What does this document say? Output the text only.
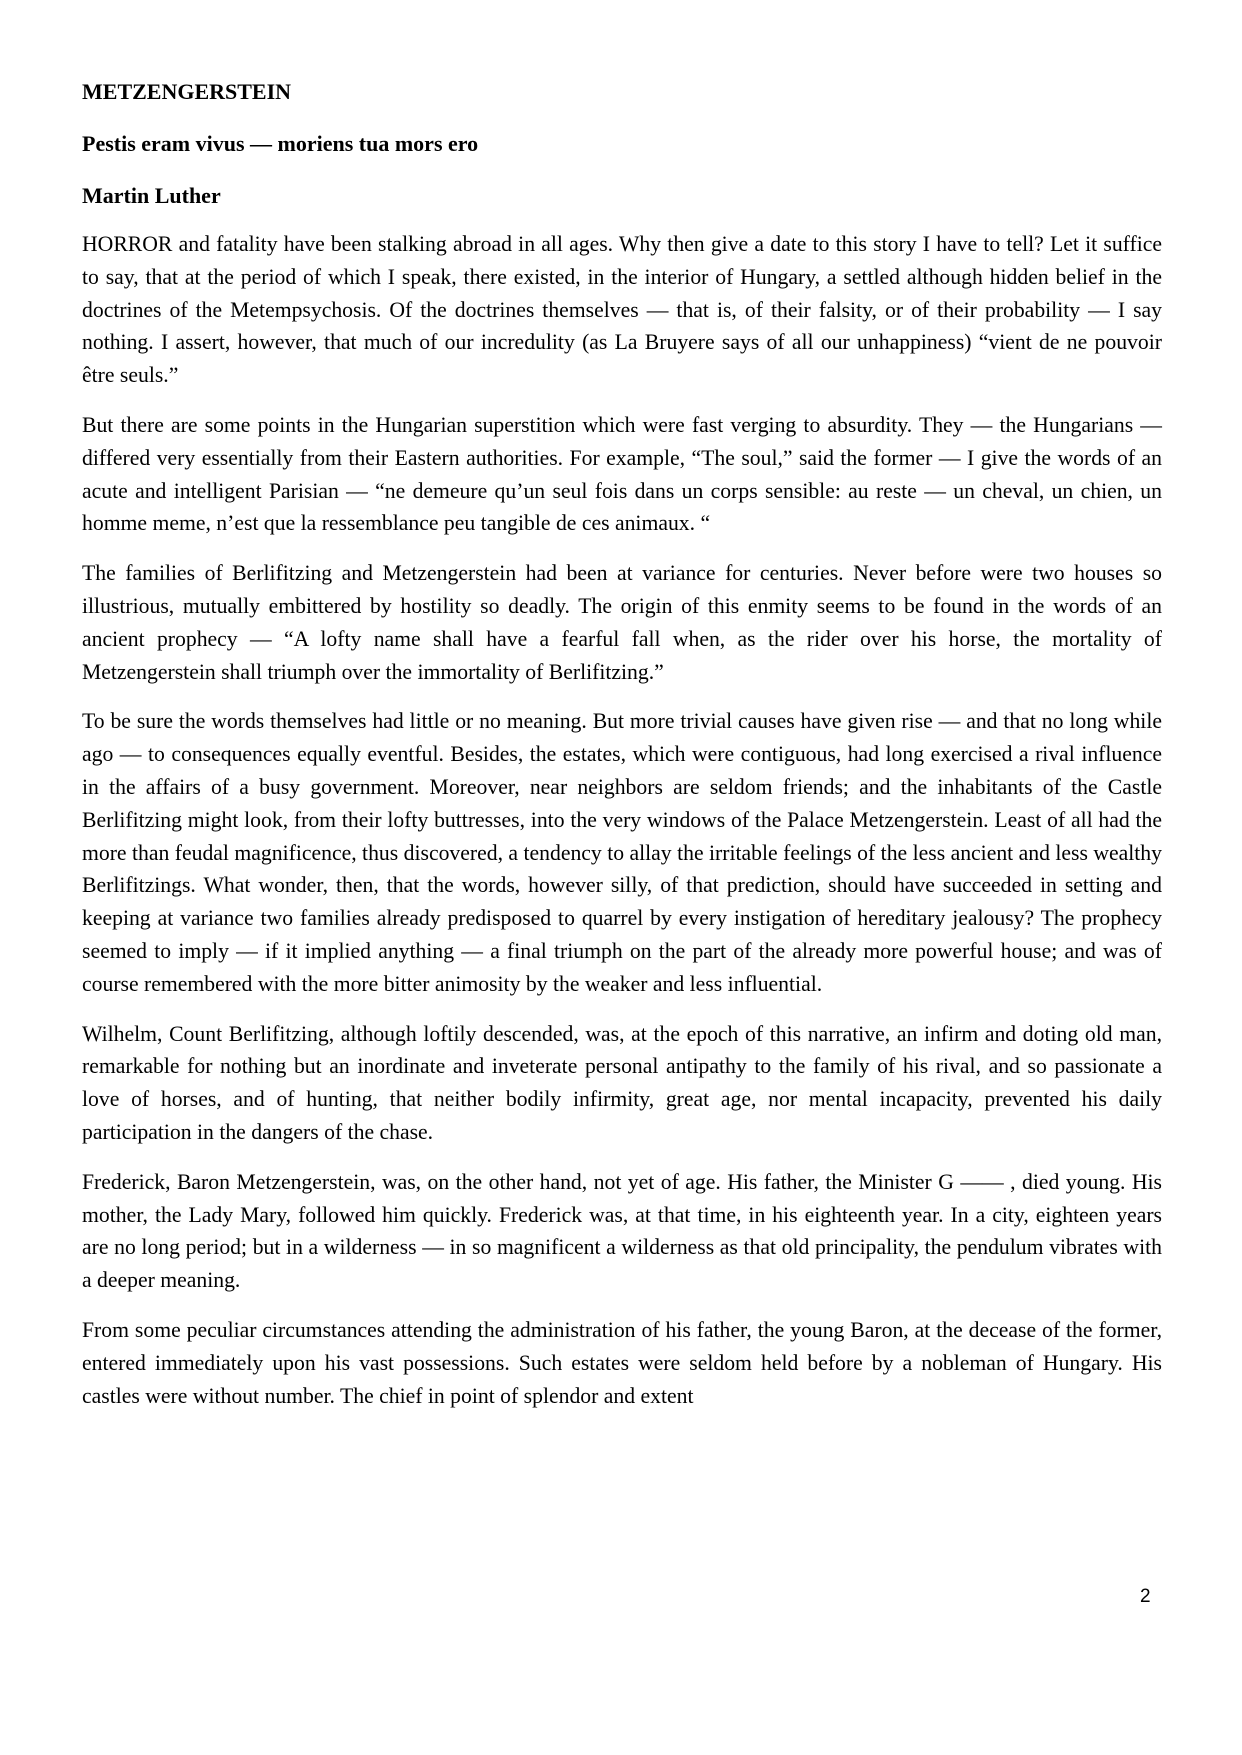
METZENGERSTEIN
Pestis eram vivus — moriens tua mors ero
Martin Luther

HORROR and fatality have been stalking abroad in all ages. Why then give a date to this story I have to tell? Let it suffice to say, that at the period of which I speak, there existed, in the interior of Hungary, a settled although hidden belief in the doctrines of the Metempsychosis. Of the doctrines themselves — that is, of their falsity, or of their probability — I say nothing. I assert, however, that much of our incredulity (as La Bruyere says of all our unhappiness) “vient de ne pouvoir être seuls.”

But there are some points in the Hungarian superstition which were fast verging to absurdity. They — the Hungarians — differed very essentially from their Eastern authorities. For example, “The soul,” said the former — I give the words of an acute and intelligent Parisian — “ne demeure qu’un seul fois dans un corps sensible: au reste — un cheval, un chien, un homme meme, n’est que la ressemblance peu tangible de ces animaux. “

The families of Berlifitzing and Metzengerstein had been at variance for centuries. Never before were two houses so illustrious, mutually embittered by hostility so deadly. The origin of this enmity seems to be found in the words of an ancient prophecy — “A lofty name shall have a fearful fall when, as the rider over his horse, the mortality of Metzengerstein shall triumph over the immortality of Berlifitzing.”

To be sure the words themselves had little or no meaning. But more trivial causes have given rise — and that no long while ago — to consequences equally eventful. Besides, the estates, which were contiguous, had long exercised a rival influence in the affairs of a busy government. Moreover, near neighbors are seldom friends; and the inhabitants of the Castle Berlifitzing might look, from their lofty buttresses, into the very windows of the Palace Metzengerstein. Least of all had the more than feudal magnificence, thus discovered, a tendency to allay the irritable feelings of the less ancient and less wealthy Berlifitzings. What wonder, then, that the words, however silly, of that prediction, should have succeeded in setting and keeping at variance two families already predisposed to quarrel by every instigation of hereditary jealousy? The prophecy seemed to imply — if it implied anything — a final triumph on the part of the already more powerful house; and was of course remembered with the more bitter animosity by the weaker and less influential.

Wilhelm, Count Berlifitzing, although loftily descended, was, at the epoch of this narrative, an infirm and doting old man, remarkable for nothing but an inordinate and inveterate personal antipathy to the family of his rival, and so passionate a love of horses, and of hunting, that neither bodily infirmity, great age, nor mental incapacity, prevented his daily participation in the dangers of the chase.

Frederick, Baron Metzengerstein, was, on the other hand, not yet of age. His father, the Minister G —— , died young. His mother, the Lady Mary, followed him quickly. Frederick was, at that time, in his eighteenth year. In a city, eighteen years are no long period; but in a wilderness — in so magnificent a wilderness as that old principality, the pendulum vibrates with a deeper meaning.

From some peculiar circumstances attending the administration of his father, the young Baron, at the decease of the former, entered immediately upon his vast possessions. Such estates were seldom held before by a nobleman of Hungary. His castles were without number. The chief in point of splendor and extent

2
